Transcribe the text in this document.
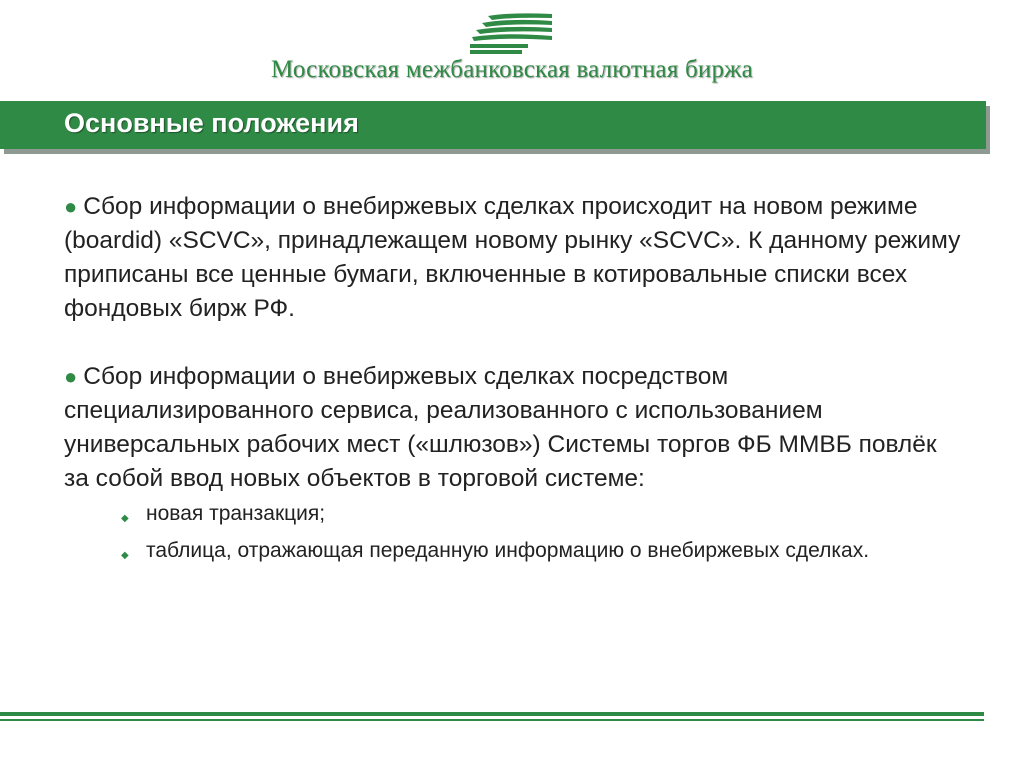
Московская межбанковская валютная биржа
Основные положения
● Сбор информации о внебиржевых сделках происходит на новом режиме (boardid) «SCVC», принадлежащем новому рынку «SCVC». К данному режиму приписаны все ценные бумаги, включенные в котировальные списки всех фондовых бирж РФ.
● Сбор информации о внебиржевых сделках посредством специализированного сервиса, реализованного с использованием универсальных рабочих мест («шлюзов») Системы торгов ФБ ММВБ повлёк за собой ввод новых объектов в торговой системе:
◆ новая транзакция;
◆ таблица, отражающая переданную информацию о внебиржевых сделках.
